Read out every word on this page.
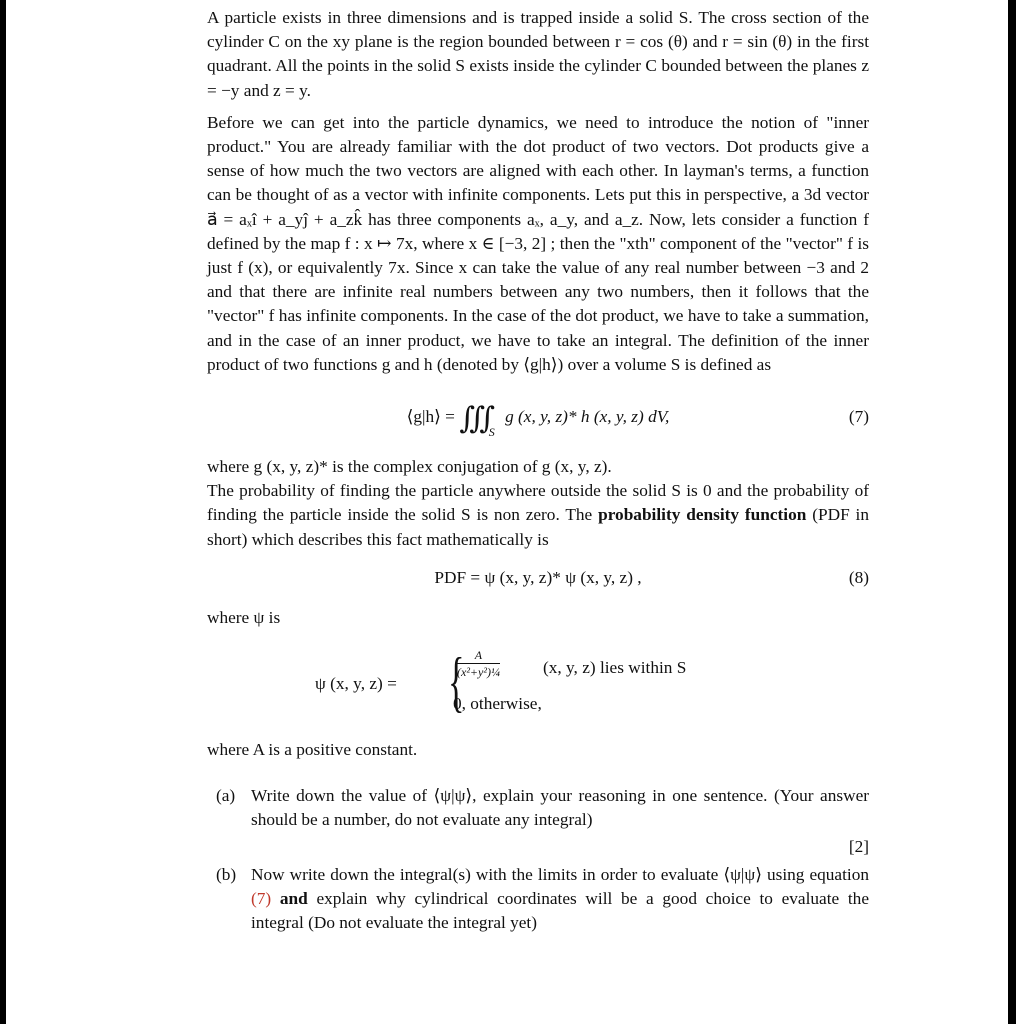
A particle exists in three dimensions and is trapped inside a solid S. The cross section of the cylinder C on the xy plane is the region bounded between r = cos (θ) and r = sin (θ) in the first quadrant. All the points in the solid S exists inside the cylinder C bounded between the planes z = −y and z = y.

Before we can get into the particle dynamics, we need to introduce the notion of "inner product." You are already familiar with the dot product of two vectors. Dot products give a sense of how much the two vectors are aligned with each other. In layman's terms, a function can be thought of as a vector with infinite components. Lets put this in perspective, a 3d vector a⃗ = aₓî + a_yĵ + a_zk̂ has three components aₓ, a_y, and a_z. Now, lets consider a function f defined by the map f : x ↦ 7x, where x ∈ [−3, 2] ; then the "xth" component of the "vector" f is just f (x), or equivalently 7x. Since x can take the value of any real number between −3 and 2 and that there are infinite real numbers between any two numbers, then it follows that the "vector" f has infinite components. In the case of the dot product, we have to take a summation, and in the case of an inner product, we have to take an integral. The definition of the inner product of two functions g and h (denoted by ⟨g|h⟩) over a volume S is defined as

⟨g|h⟩ = $∭_S$ g (x, y, z)* h (x, y, z) dV,	(7)

where g (x, y, z)* is the complex conjugation of g (x, y, z).

The probability of finding the particle anywhere outside the solid S is 0 and the probability of finding the particle inside the solid S is non zero. The probability density function (PDF in short) which describes this fact mathematically is

PDF = ψ (x, y, z)* ψ (x, y, z) ,	(8)

where ψ is

ψ (x, y, z) = { A
(x²+y²)¼ (x, y, z) lies within S
0, otherwise,

where A is a positive constant.

(a) Write down the value of ⟨ψ|ψ⟩, explain your reasoning in one sentence. (Your answer should be a number, do not evaluate any integral)

[2]
(b) Now write down the integral(s) with the limits in order to evaluate ⟨ψ|ψ⟩ using equation (7) and explain why cylindrical coordinates will be a good choice to evaluate the integral (Do not evaluate the integral yet)
